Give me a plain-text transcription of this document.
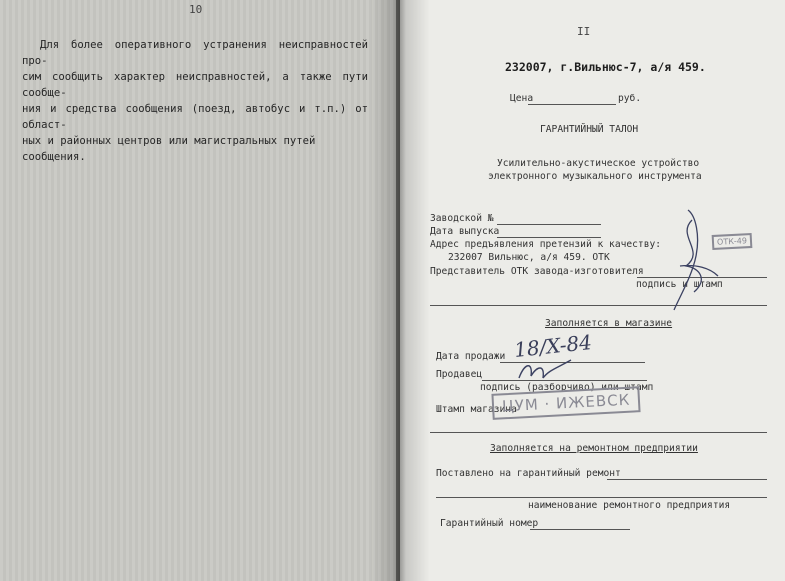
10
Для более оперативного устранения неисправностей про-
сим сообщить характер неисправностей, а также пути сообще-
ния и средства сообщения (поезд, автобус и т.п.) от област-
ных и районных центров или магистральных путей сообщения.
II
232007, г.Вильнюс-7, а/я 459.
Цена	руб.
ГАРАНТИЙНЫЙ ТАЛОН
Усилительно-акустическое устройство
электронного музыкального инструмента
Заводской №
Дата выпуска
Адрес предъявления претензий к качеству:
232007 Вильнюс, а/я 459. ОТК
Представитель ОТК завода-изготовителя
подпись и штамп
ОТК-49
Заполняется в магазине
Дата продажи 18/X-84
Продавец
подпись (разборчиво) или штамп
Штамп магазина
ЦУМ · ИЖЕВСК
Заполняется на ремонтном предприятии
Поставлено на гарантийный ремонт
наименование ремонтного предприятия
Гарантийный номер
